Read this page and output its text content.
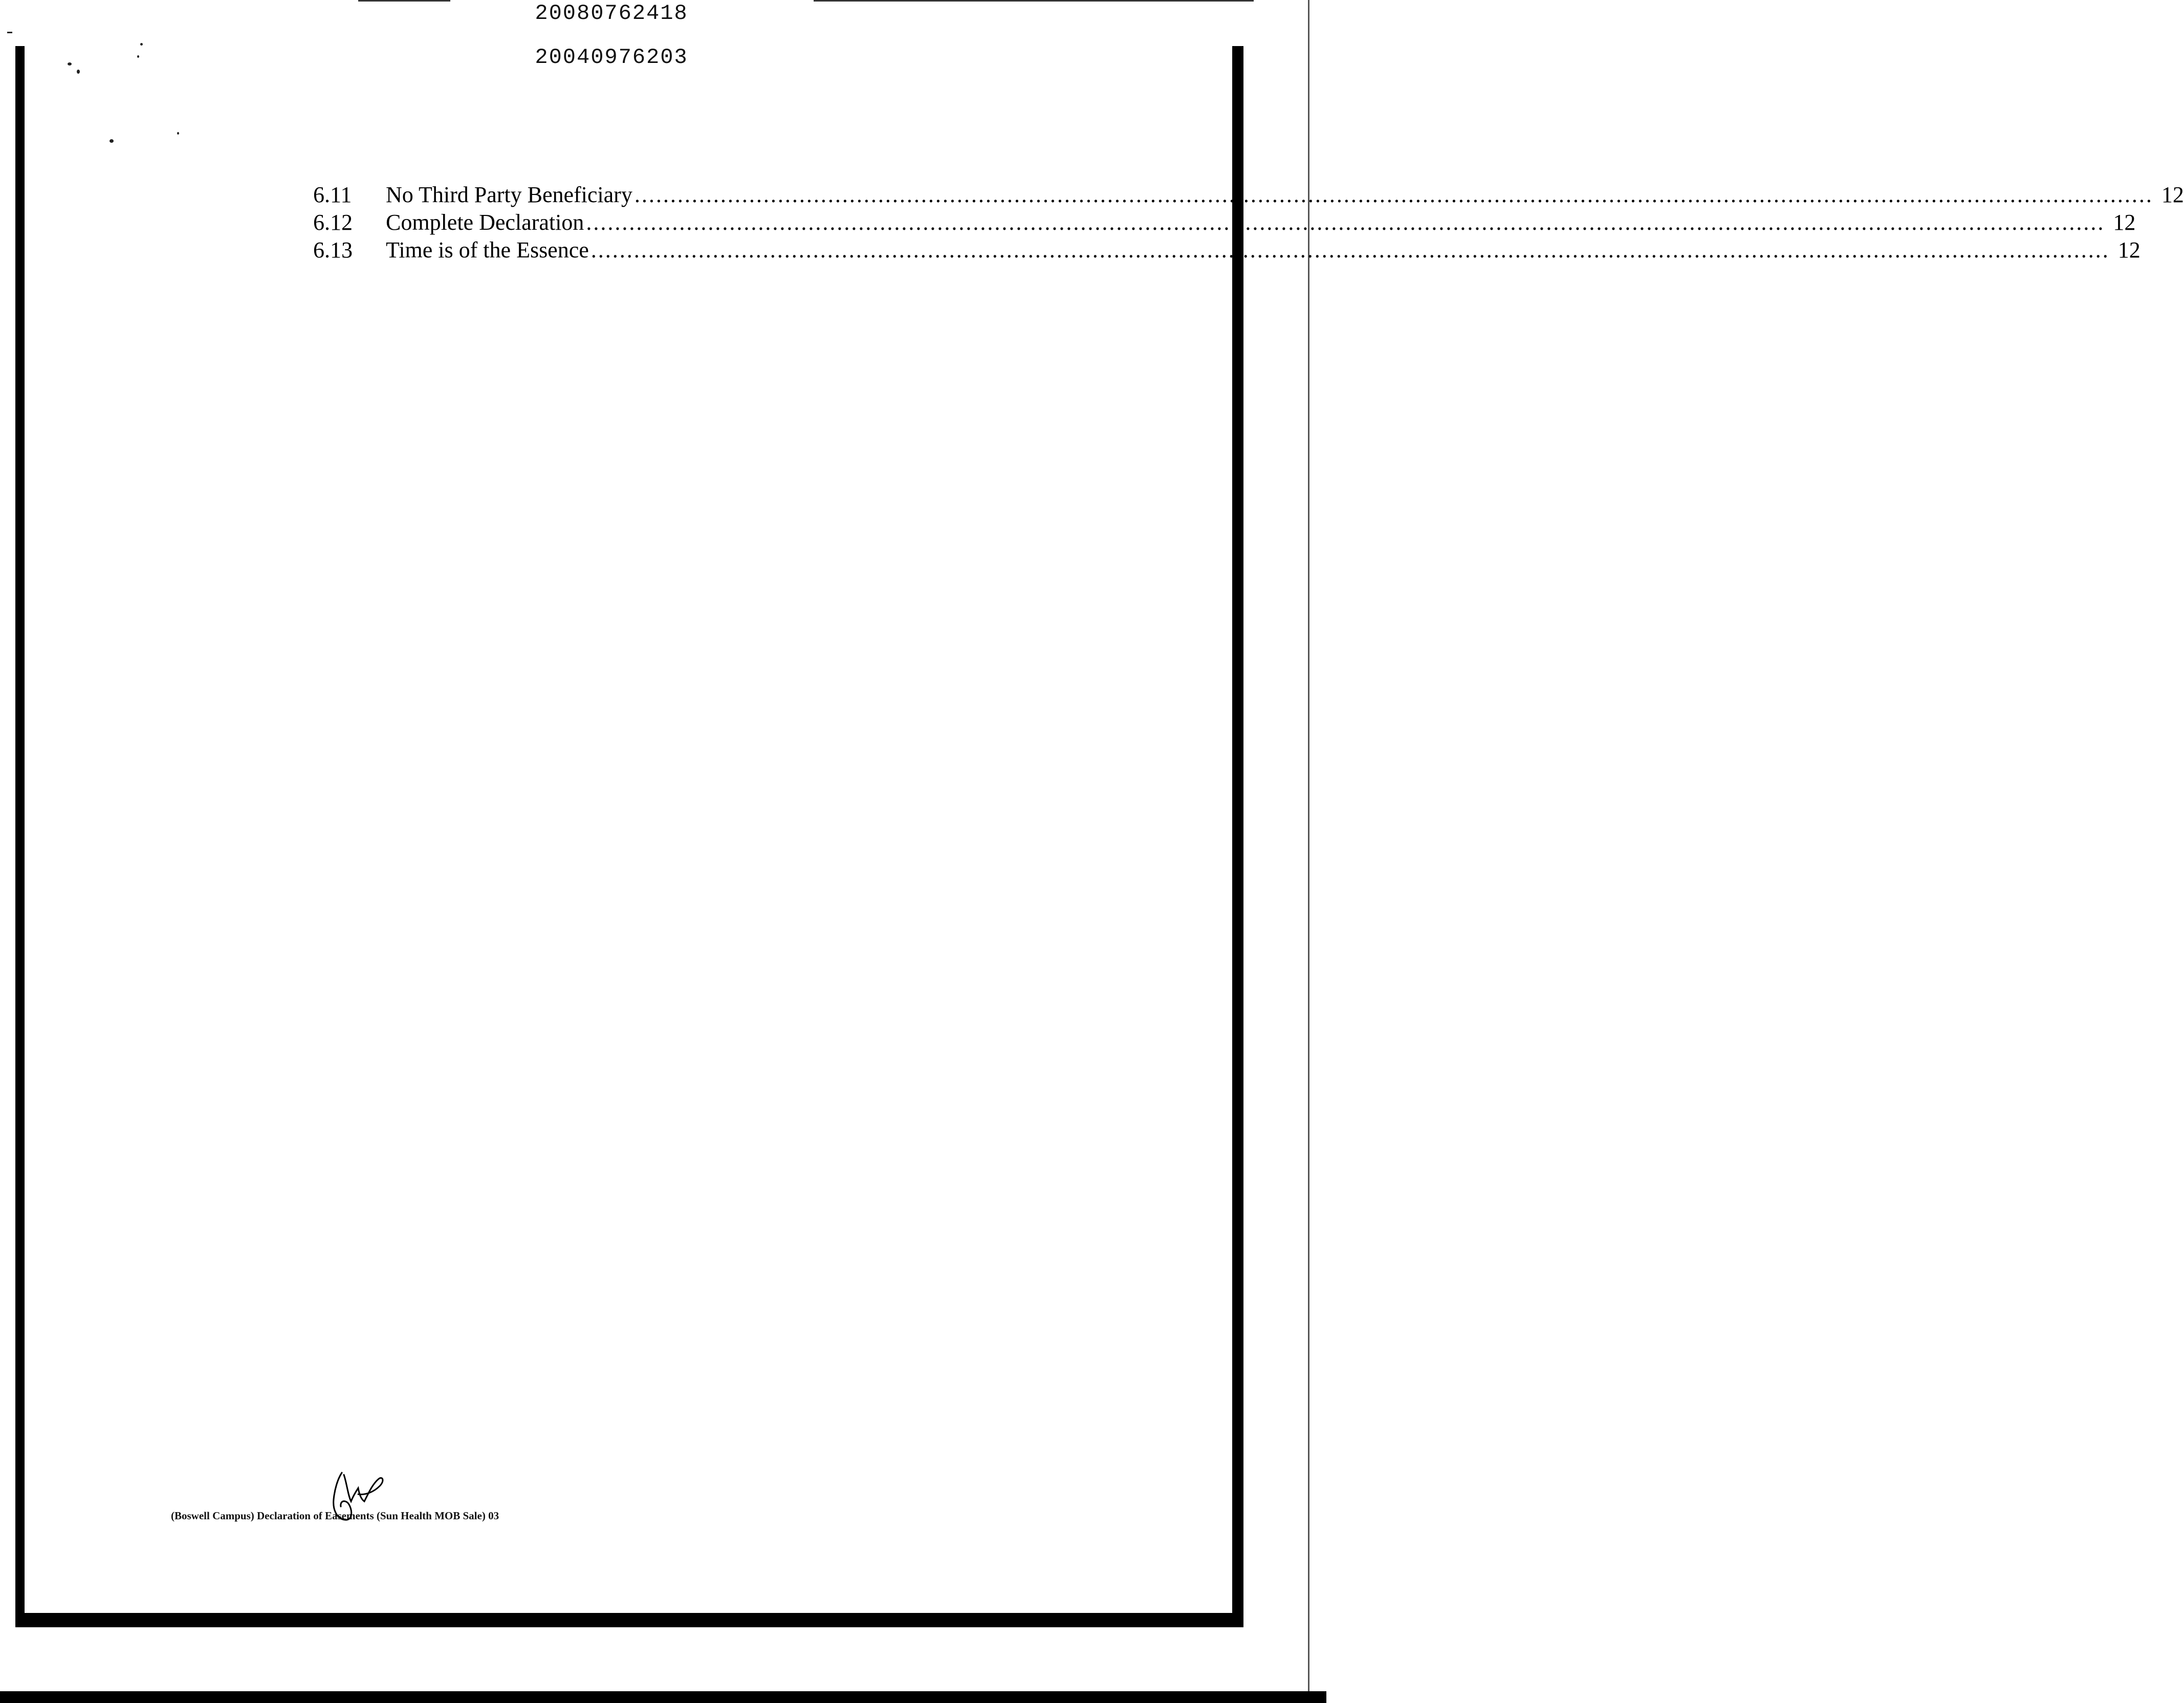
20080762418
20040976203
6.11	No Third Party Beneficiary .................................................................................................................................................................................................................... 12
6.12	Complete Declaration .................................................................................................................................................................................................................... 12
6.13	Time is of the Essence .................................................................................................................................................................................................................... 12
(Boswell Campus) Declaration of Easements (Sun Health MOB Sale) 03
